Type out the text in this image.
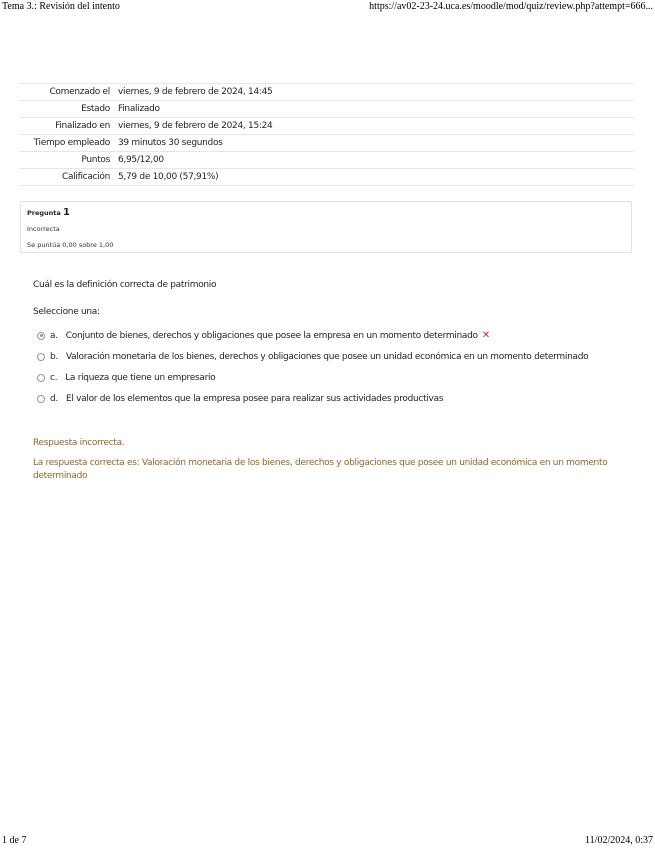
Tema 3.: Revisión del intento	https://av02-23-24.uca.es/moodle/mod/quiz/review.php?attempt=666...
Comenzado el	viernes, 9 de febrero de 2024, 14:45
Estado	Finalizado
Finalizado en	viernes, 9 de febrero de 2024, 15:24
Tiempo empleado	39 minutos 30 segundos
Puntos	6,95/12,00
Calificación	5,79 de 10,00 (57,91%)
Pregunta 1
Incorrecta
Se puntúa 0,00 sobre 1,00
Cuál es la definición correcta de patrimonio
Seleccione una:
a. Conjunto de bienes, derechos y obligaciones que posee la empresa en un momento determinado ✕
b. Valoración monetaria de los bienes, derechos y obligaciones que posee un unidad económica en un momento determinado
c. La riqueza que tiene un empresario
d. El valor de los elementos que la empresa posee para realizar sus actividades productivas
Respuesta incorrecta.
La respuesta correcta es: Valoración monetaria de los bienes, derechos y obligaciones que posee un unidad económica en un momento determinado
1 de 7	11/02/2024, 0:37
